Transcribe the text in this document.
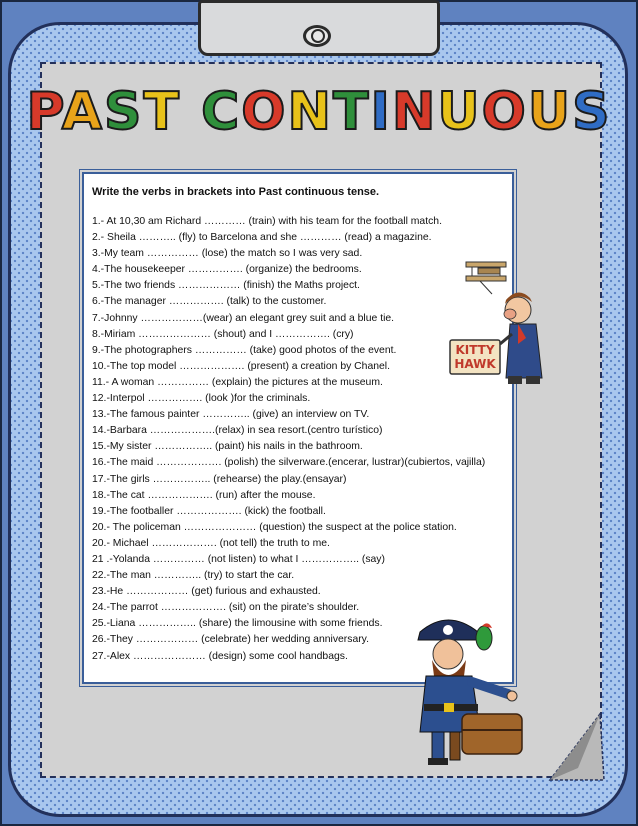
PAST CONTINUOUS
Write the verbs in brackets into Past continuous tense.
1.- At 10,30 am Richard ………… (train) with his team for the football match.
2.- Sheila ……….. (fly) to Barcelona and she ………… (read) a magazine.
3.-My team …………… (lose) the match so I was very sad.
4.-The housekeeper ……………. (organize) the bedrooms.
5.-The two friends ……………… (finish) the Maths project.
6.-The manager ……………. (talk) to the customer.
7.-Johnny ………………(wear) an elegant grey suit and a blue tie.
8.-Miriam ………………… (shout) and I ……………. (cry)
9.-The photographers …………… (take) good photos of the event.
10.-The top model ………………. (present) a creation by Chanel.
11.- A woman …………… (explain) the pictures at the museum.
12.-Interpol ……………. (look )for the criminals.
13.-The famous painter ………….. (give) an interview on TV.
14.-Barbara ……………….(relax) in sea resort.(centro turístico)
15.-My sister …………….. (paint) his nails in the bathroom.
16.-The maid ………………. (polish) the silverware.(encerar, lustrar)(cubiertos, vajilla)
17.-The girls …………….. (rehearse) the play.(ensayar)
18.-The cat ………………. (run) after the mouse.
19.-The footballer ………………. (kick) the football.
20.- The policeman ………………… (question) the suspect at the police station.
20.- Michael ………………. (not tell) the truth to me.
21 .-Yolanda …………… (not listen) to what I …………….. (say)
22.-The man ………….. (try) to start the car.
23.-He ……………… (get) furious and exhausted.
24.-The parrot ………………. (sit) on the pirate’s shoulder.
25.-Liana …………….. (share) the limousine with some friends.
26.-They ……………… (celebrate) her wedding anniversary.
27.-Alex ………………… (design) some cool handbags.
KITTY
HAWK
